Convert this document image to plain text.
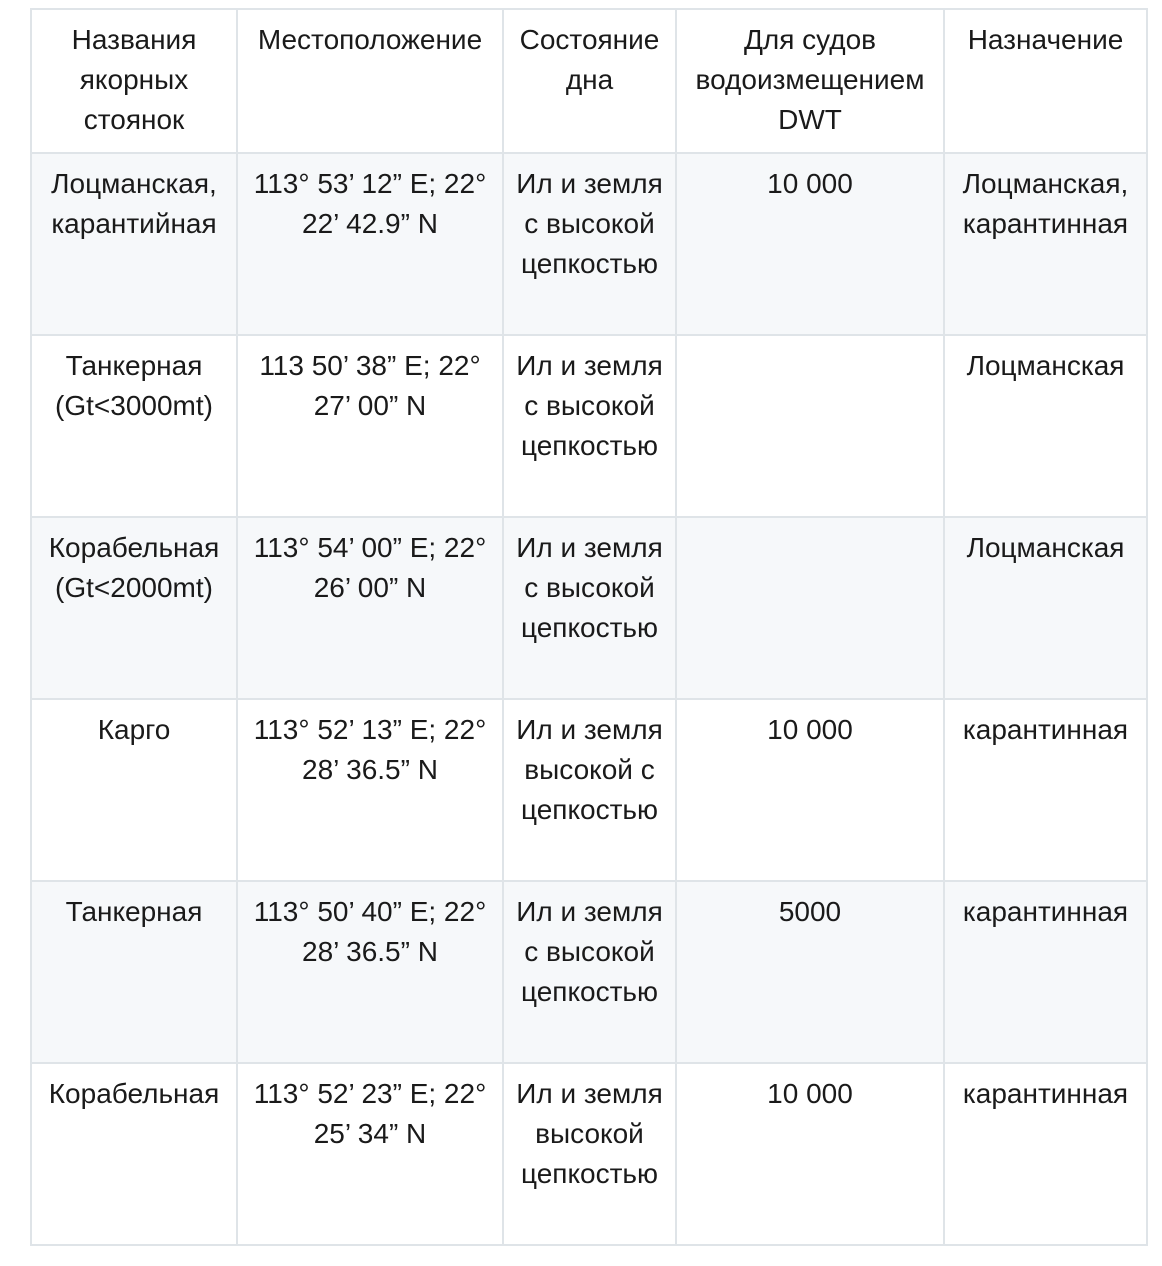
Названия якорных стоянок	Местоположение	Состояние дна	Для судов водоизмещением DWT	Назначение
Лоцманская, карантийная	113° 53’ 12” E; 22° 22’ 42.9” N	Ил и земля с высокой цепкостью	10 000	Лоцманская, карантинная
Танкерная (Gt<3000mt)	113 50’ 38” E; 22° 27’ 00” N	Ил и земля с высокой цепкостью		Лоцманская
Корабельная (Gt<2000mt)	113° 54’ 00” E; 22° 26’ 00” N	Ил и земля с высокой цепкостью		Лоцманская
Карго	113° 52’ 13” E; 22° 28’ 36.5” N	Ил и земля высокой с цепкостью	10 000	карантинная
Танкерная	113° 50’ 40” E; 22° 28’ 36.5” N	Ил и земля с высокой цепкостью	5000	карантинная
Корабельная	113° 52’ 23” E; 22° 25’ 34” N	Ил и земля высокой цепкостью	10 000	карантинная
